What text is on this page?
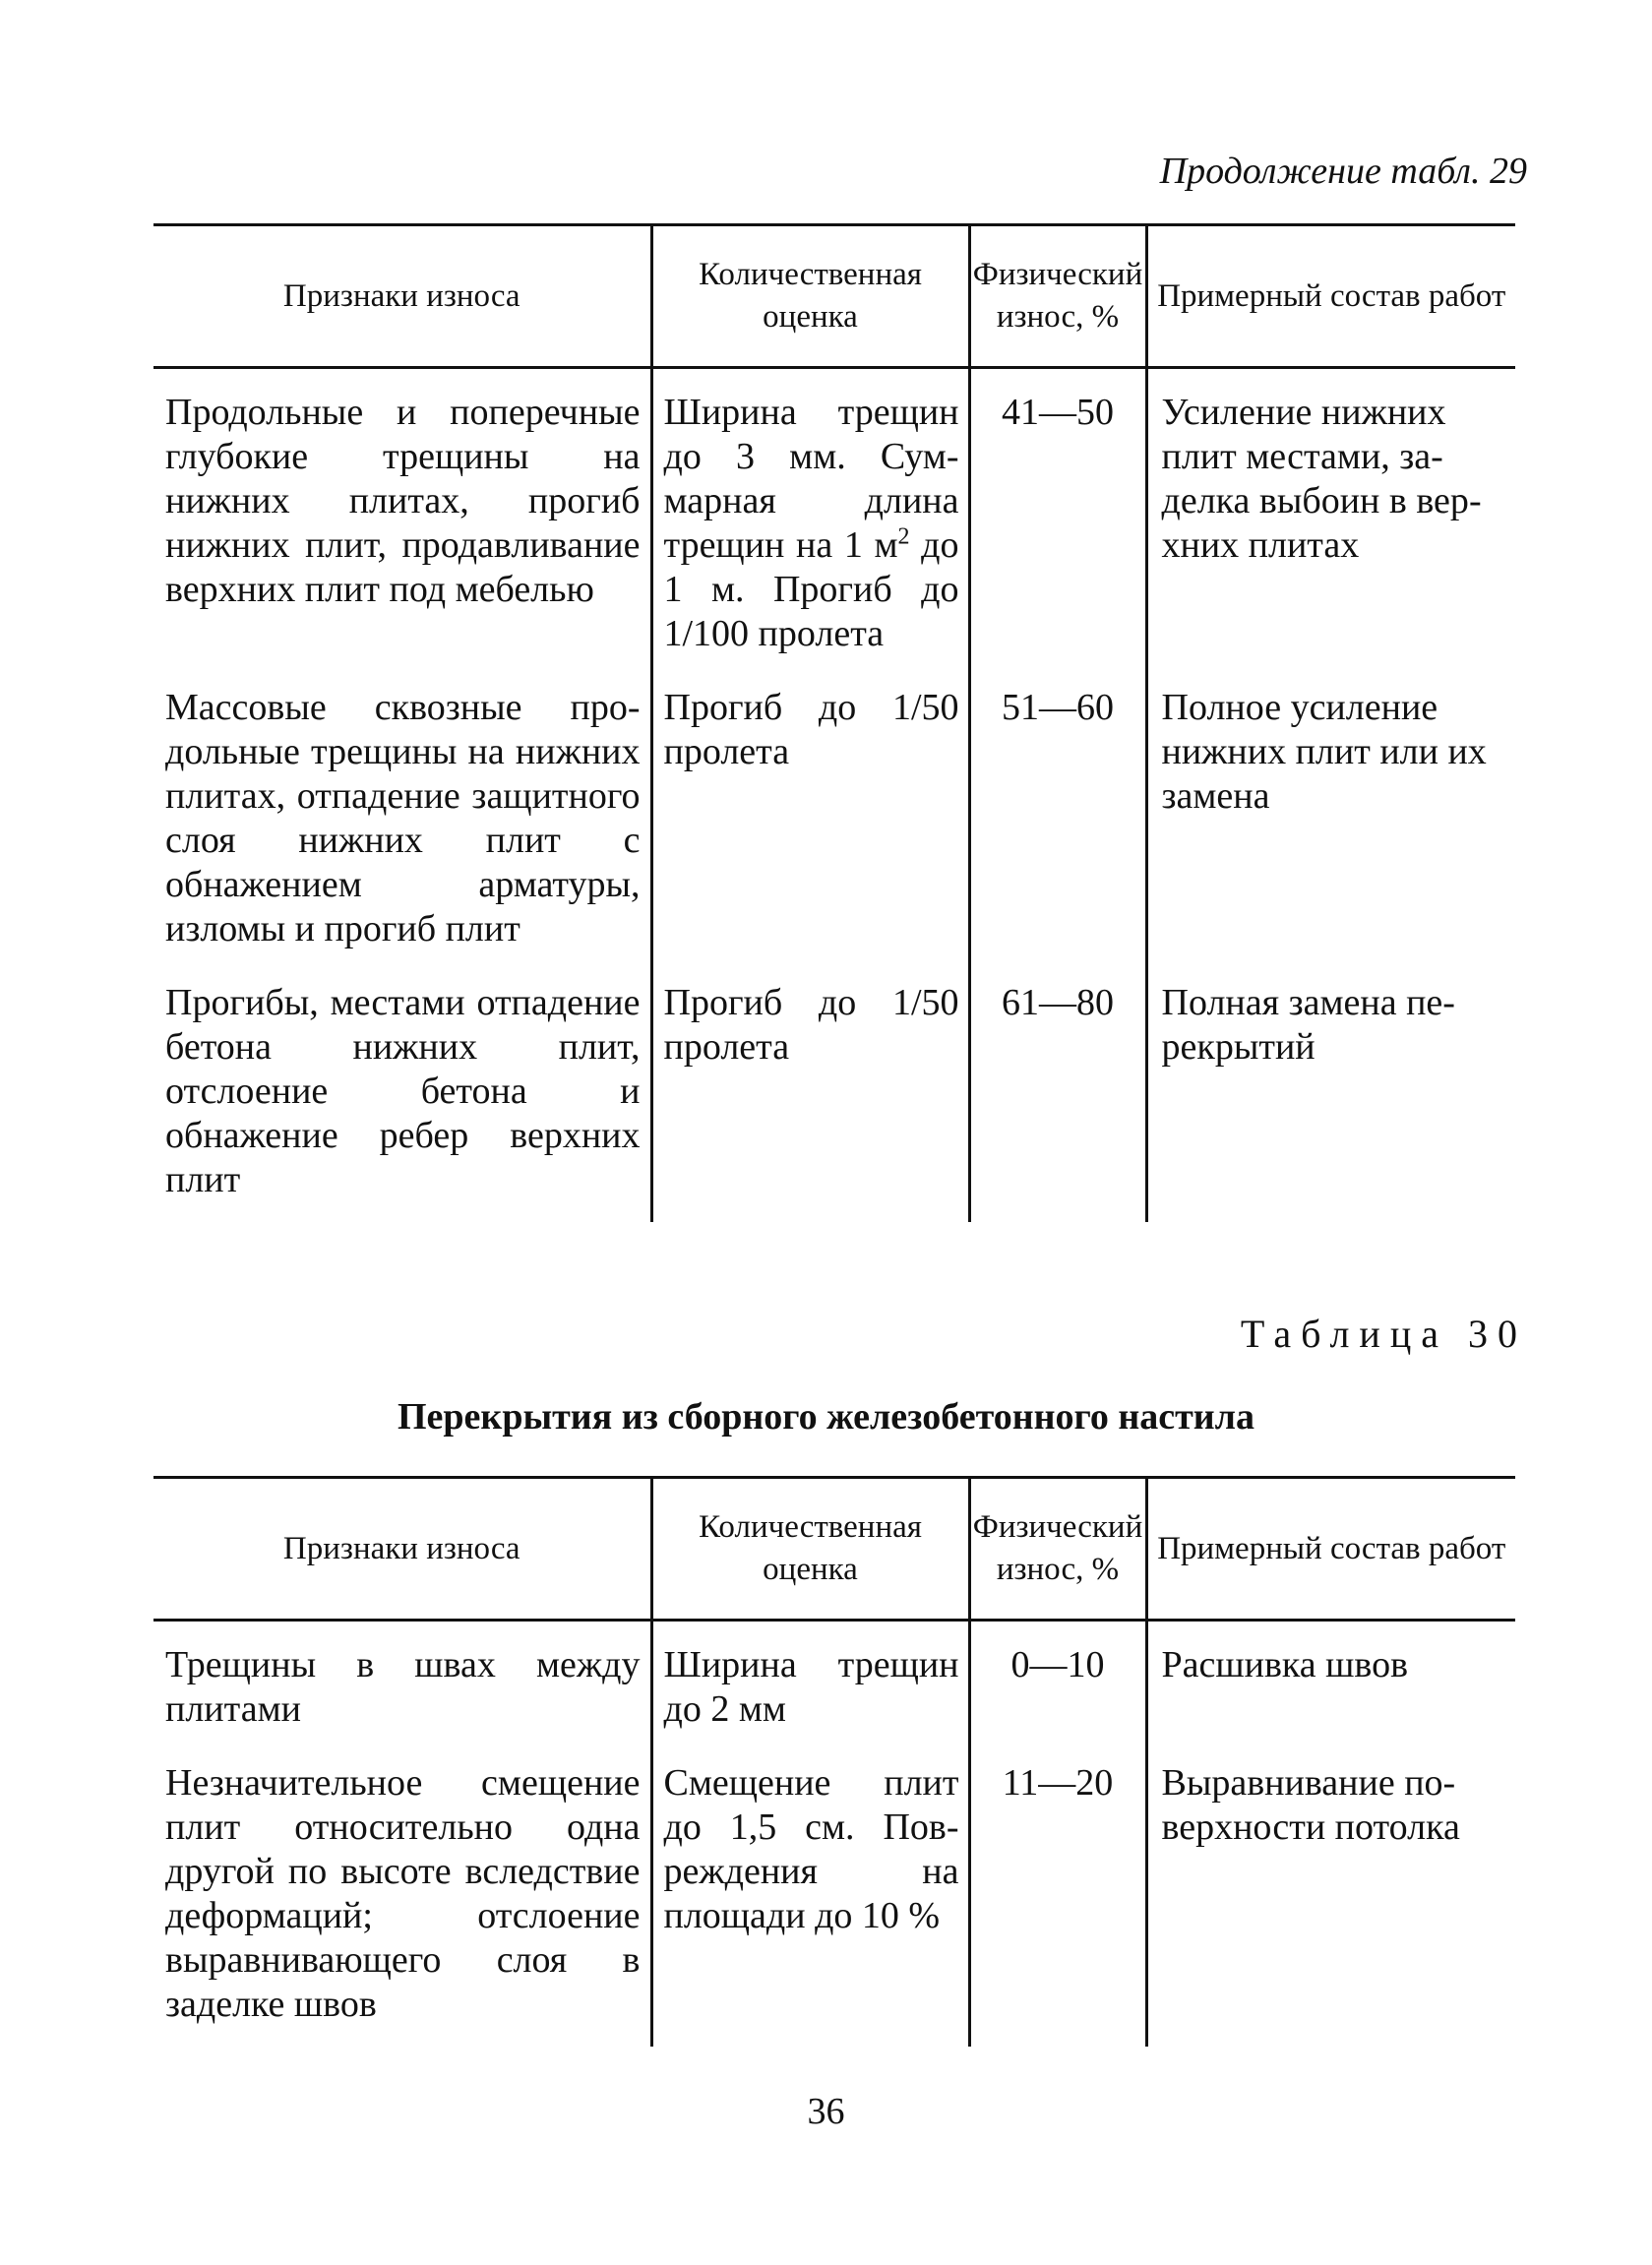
Продолжение табл. 29
Признаки износа	Количественная оценка	Физический износ, %	Примерный состав работ
Продольные и поперечные глубокие трещины на нижних плитах, прогиб нижних плит, продавливание верхних плит под мебелью	Ширина трещин до 3 мм. Суммарная длина трещин на 1 $м^2$ до 1 м. Прогиб до 1/100 пролета	41—50	Усиление нижних плит местами, заделка выбоин в верхних плитах
Массовые сквозные продольные трещины на нижних плитах, отпадение защитного слоя нижних плит с обнажением арматуры, изломы и прогиб плит	Прогиб до 1/50 пролета	51—60	Полное усиление нижних плит или их замена
Прогибы, местами отпадение бетона нижних плит, отслоение бетона и обнажение ребер верхних плит	Прогиб до 1/50 пролета	61—80	Полная замена перекрытий
Таблица 30
Перекрытия из сборного железобетонного настила
Признаки износа	Количественная оценка	Физический износ, %	Примерный состав работ
Трещины в швах между плитами	Ширина трещин до 2 мм	0—10	Расшивка швов
Незначительное смещение плит относительно одна другой по высоте вследствие деформаций; отслоение выравнивающего слоя в заделке швов	Смещение плит до 1,5 см. Повреждения на площади до 10 %	11—20	Выравнивание поверхности потолка
36
